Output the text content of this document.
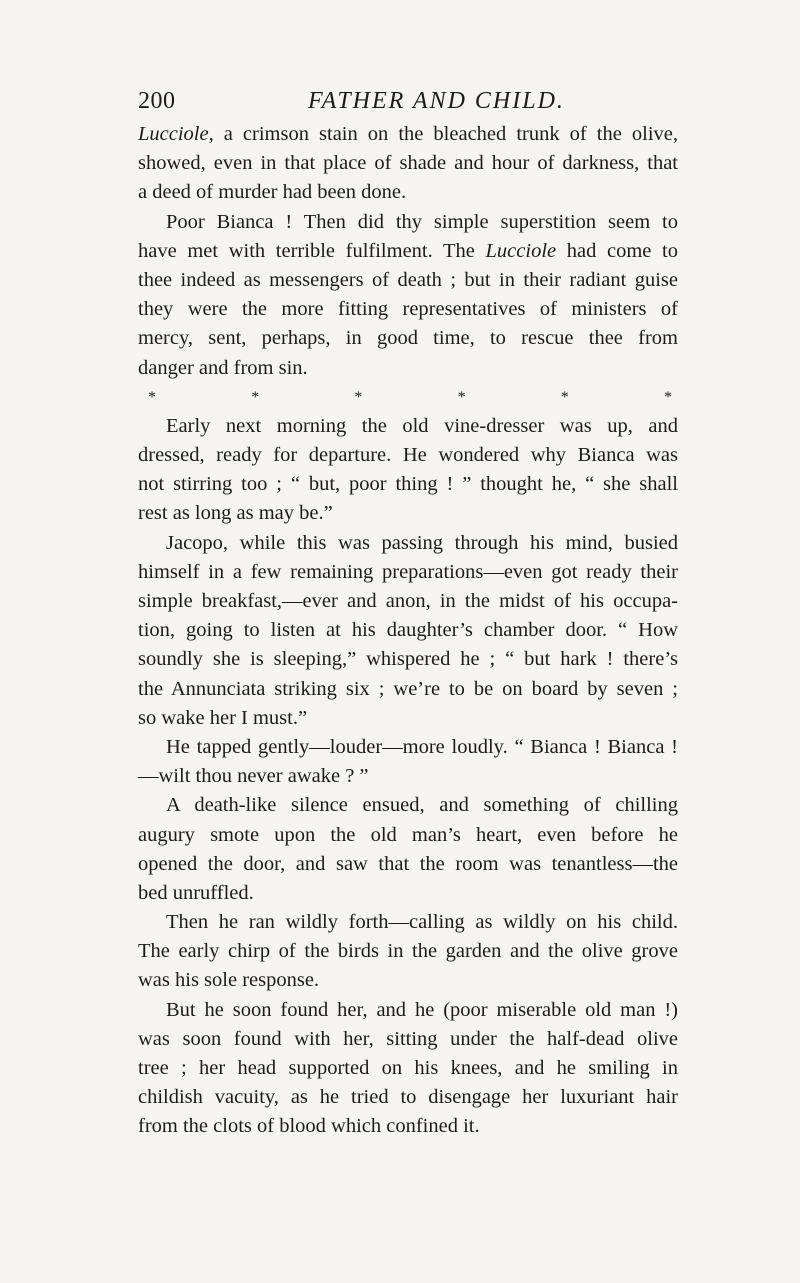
200	FATHER AND CHILD.
Lucciole, a crimson stain on the bleached trunk of the olive,
showed, even in that place of shade and hour of darkness, that
a deed of murder had been done.
Poor Bianca ! Then did thy simple superstition seem to
have met with terrible fulfilment. The Lucciole had come to
thee indeed as messengers of death ; but in their radiant guise
they were the more fitting representatives of ministers of
mercy, sent, perhaps, in good time, to rescue thee from
danger and from sin.
*	*	*	*	*	*
Early next morning the old vine-dresser was up, and
dressed, ready for departure. He wondered why Bianca was
not stirring too ; “ but, poor thing ! ” thought he, “ she shall
rest as long as may be.”
Jacopo, while this was passing through his mind, busied
himself in a few remaining preparations—even got ready their
simple breakfast,—ever and anon, in the midst of his occupa-
tion, going to listen at his daughter’s chamber door. “ How
soundly she is sleeping,” whispered he ; “ but hark ! there’s
the Annunciata striking six ; we’re to be on board by seven ;
so wake her I must.”
He tapped gently—louder—more loudly. “ Bianca ! Bianca !
—wilt thou never awake ? ”
A death-like silence ensued, and something of chilling
augury smote upon the old man’s heart, even before he
opened the door, and saw that the room was tenantless—the
bed unruffled.
Then he ran wildly forth—calling as wildly on his child.
The early chirp of the birds in the garden and the olive grove
was his sole response.
But he soon found her, and he (poor miserable old man !)
was soon found with her, sitting under the half-dead olive
tree ; her head supported on his knees, and he smiling in
childish vacuity, as he tried to disengage her luxuriant hair
from the clots of blood which confined it.
